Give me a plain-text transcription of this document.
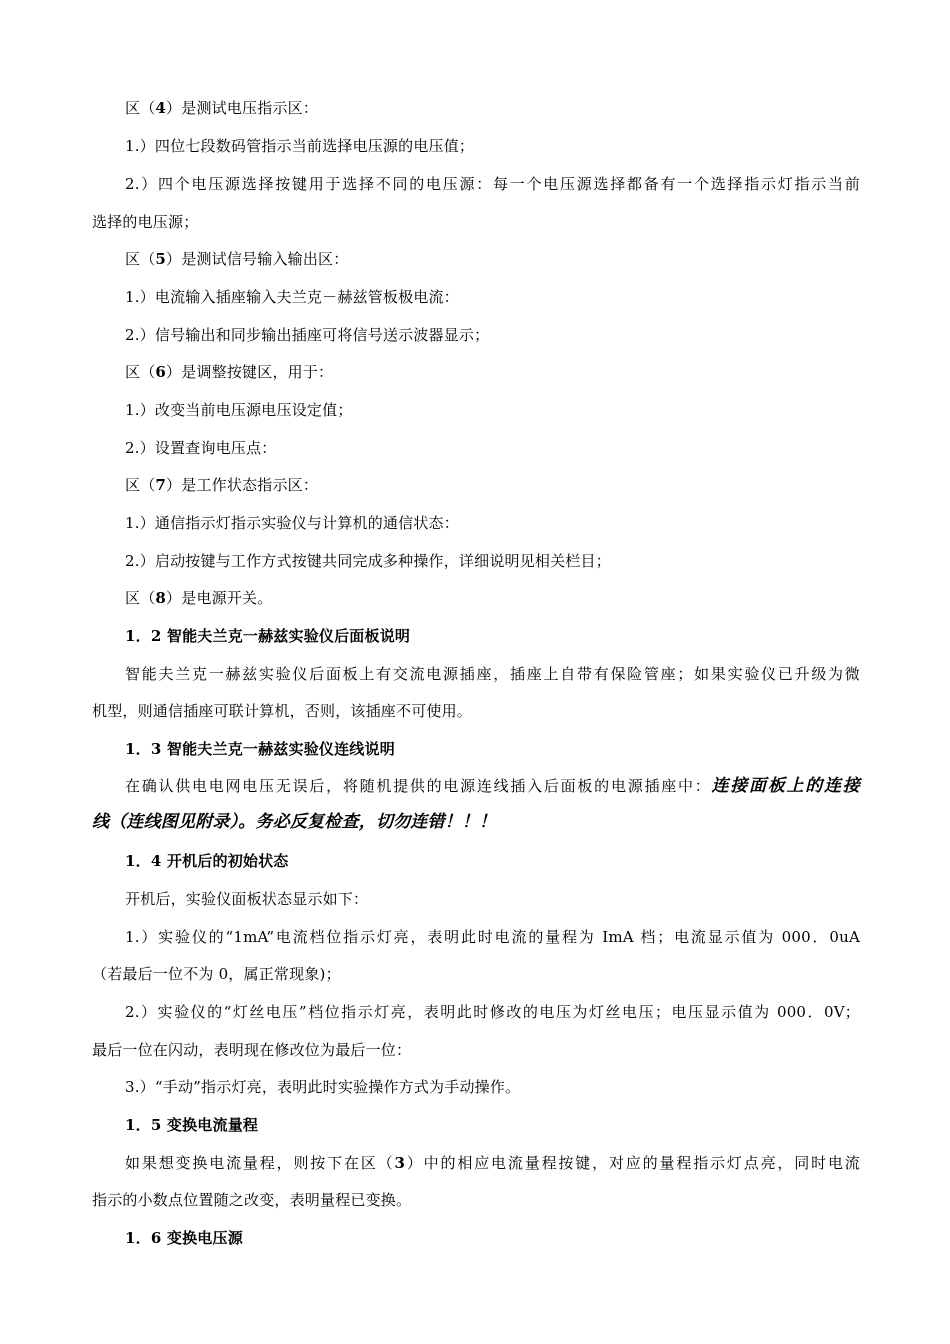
区（4）是测试电压指示区：
1.）四位七段数码管指示当前选择电压源的电压值；
2.）四个电压源选择按键用于选择不同的电压源：每一个电压源选择都备有一个选择指示灯指示当前
选择的电压源；
区（5）是测试信号输入输出区：
1.）电流输入插座输入夫兰克－赫兹管板极电流：
2.）信号输出和同步输出插座可将信号送示波器显示；
区（6）是调整按键区，用于：
1.）改变当前电压源电压设定值；
2.）设置查询电压点：
区（7）是工作状态指示区：
1.）通信指示灯指示实验仪与计算机的通信状态：
2.）启动按键与工作方式按键共同完成多种操作，详细说明见相关栏目；
区（8）是电源开关。
1．2 智能夫兰克一赫兹实验仪后面板说明
智能夫兰克一赫兹实验仪后面板上有交流电源插座，插座上自带有保险管座；如果实验仪已升级为微
机型，则通信插座可联计算机，否则，该插座不可使用。
1．3 智能夫兰克一赫兹实验仪连线说明
在确认供电电网电压无误后，将随机提供的电源连线插入后面板的电源插座中：连接面板上的连接
线（连线图见附录）。务必反复检查，切勿连错！！！
1．4 开机后的初始状态
开机后，实验仪面板状态显示如下：
1.）实验仪的“1mA”电流档位指示灯亮，表明此时电流的量程为 ImA 档；电流显示值为 000．0uA
（若最后一位不为 0，属正常现象)；
2.）实验仪的“灯丝电压”档位指示灯亮，表明此时修改的电压为灯丝电压；电压显示值为 000．0V；
最后一位在闪动，表明现在修改位为最后一位：
3.）“手动”指示灯亮，表明此时实验操作方式为手动操作。
1．5 变换电流量程
如果想变换电流量程，则按下在区（3）中的相应电流量程按键，对应的量程指示灯点亮，同时电流
指示的小数点位置随之改变，表明量程已变换。
1．6 变换电压源
